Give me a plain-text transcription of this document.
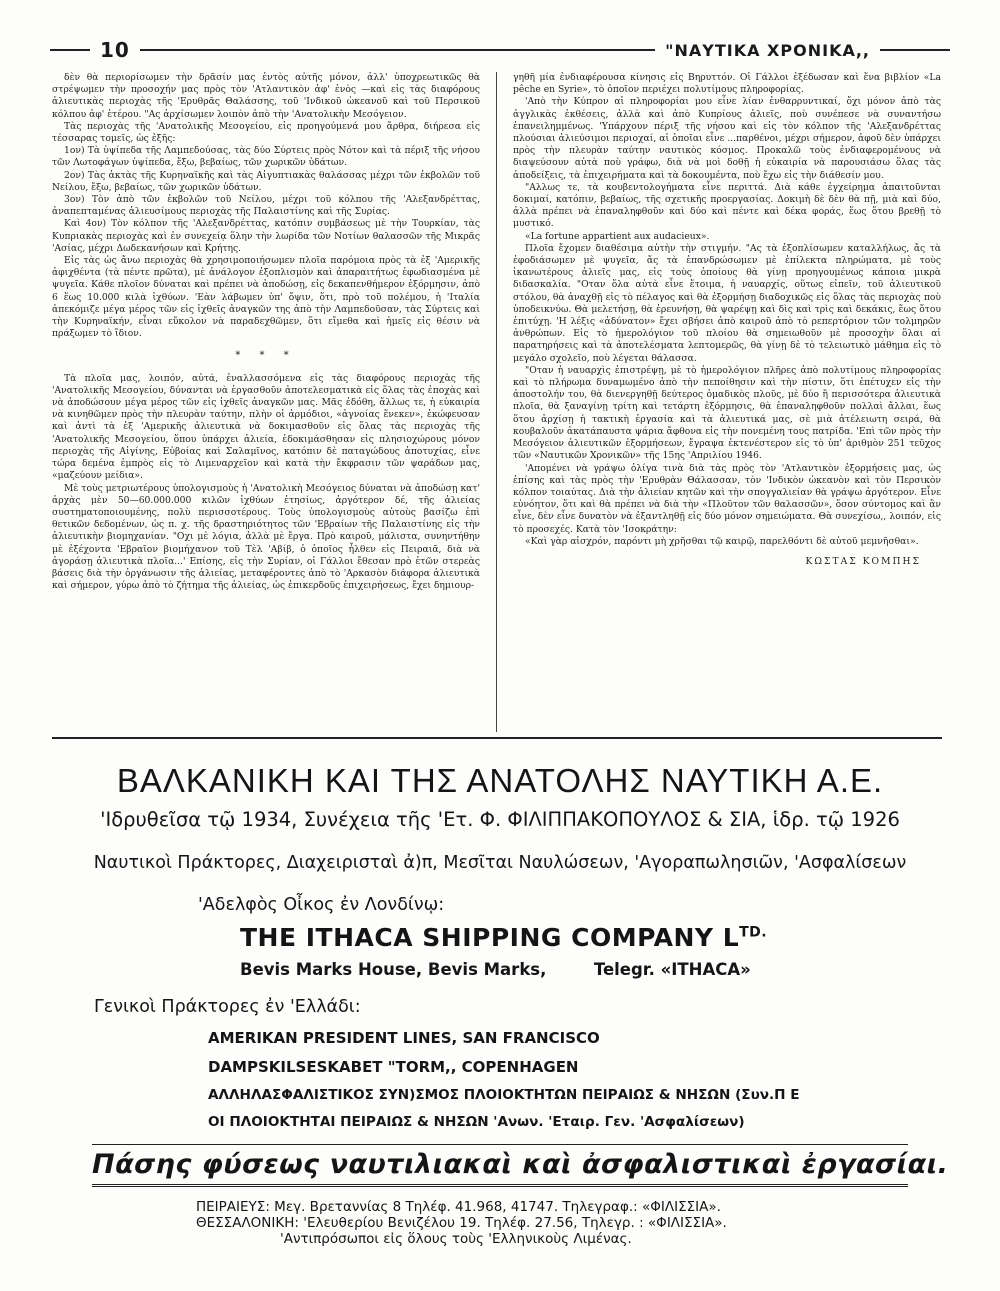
10	"ΝΑΥΤΙΚΑ ΧΡΟΝΙΚΑ,,

δὲν θὰ περιορίσωμεν τὴν δρᾶσίν μας ἐντὸς αὐτῆς μόνον, ἀλλ' ὑποχρεωτικῶς θὰ στρέψωμεν τὴν προσοχήν μας πρὸς τὸν 'Ατλαντικὸν ἀφ' ἑνὸς —καὶ εἰς τὰς διαφόρους ἁλιευτικὰς περιοχὰς τῆς 'Ερυθρᾶς Θαλάσσης, τοῦ 'Ινδικοῦ ὠκεανοῦ καὶ τοῦ Περσικοῦ κόλπου ἀφ' ἑτέρου. "Ας ἀρχίσωμεν λοιπὸν ἀπὸ τὴν 'Ανατολικὴν Μεσόγειον.

Τὰς περιοχὰς τῆς 'Ανατολικῆς Μεσογείου, εἰς προηγούμενά μου ἄρθρα, διήρεσα εἰς τέσσαρας τομεῖς, ὡς ἑξῆς:

1ον) Τὰ ὑψίπεδα τῆς Λαμπεδούσας, τὰς δύο Σύρτεις πρὸς Νότον καὶ τὰ πέριξ τῆς νήσου τῶν Λωτοφάγων ὑψίπεδα, ἔξω, βεβαίως, τῶν χωρικῶν ὑδάτων.

2ον) Τὰς ἀκτὰς τῆς Κυρηναϊκῆς καὶ τὰς Αἰγυπτιακὰς θαλάσσας μέχρι τῶν ἐκβολῶν τοῦ Νείλου, ἔξω, βεβαίως, τῶν χωρικῶν ὑδάτων.

3ον) Τὸν ἀπὸ τῶν ἐκβολῶν τοῦ Νείλου, μέχρι τοῦ κόλπου τῆς 'Αλεξανδρέττας, ἀναπεπταμένας ἁλιευσίμους περιοχὰς τῆς Παλαιστίνης καὶ τῆς Συρίας.

Καὶ 4ον) Τὸν κόλπον τῆς 'Αλεξανδρέττας, κατόπιν συμβάσεως μὲ τὴν Τουρκίαν, τὰς Κυπριακὰς περιοχὰς καὶ ἐν συνεχείᾳ ὅλην τὴν λωρίδα τῶν Νοτίων θαλασσῶν τῆς Μικρᾶς 'Ασίας, μέχρι Δωδεκανήσων καὶ Κρήτης.

Εἰς τὰς ὡς ἄνω περιοχὰς θὰ χρησιμοποιήσωμεν πλοῖα παρόμοια πρὸς τὰ ἐξ 'Αμερικῆς ἀφιχθέντα (τὰ πέντε πρῶτα), μὲ ἀνάλογον ἐξοπλισμὸν καὶ ἀπαραιτήτως ἐφωδιασμένα μὲ ψυγεῖα. Κάθε πλοῖον δύναται καὶ πρέπει νὰ ἀποδώσῃ, εἰς δεκαπενθήμερον ἐξόρμησιν, ἀπὸ 6 ἕως 10.000 κιλὰ ἰχθύων. 'Εὰν λάβωμεν ὑπ' ὄψιν, ὅτι, πρὸ τοῦ πολέμου, ἡ 'Ιταλία ἀπεκόμιζε μέγα μέρος τῶν εἰς ἰχθεῖς ἀναγκῶν της ἀπὸ τὴν Λαμπεδοῦσαν, τὰς Σύρτεις καὶ τὴν Κυρηναϊκήν, εἶναι εὔκολον νὰ παραδεχθῶμεν, ὅτι εἴμεθα καὶ ἡμεῖς εἰς θέσιν νὰ πράξωμεν τὸ ἴδιον.

* * *

Τὰ πλοῖα μας, λοιπόν, αὐτά, ἐναλλασσόμενα εἰς τὰς διαφόρους περιοχὰς τῆς 'Ανατολικῆς Μεσογείου, δύνανται νὰ ἐργασθοῦν ἀποτελεσματικὰ εἰς ὅλας τὰς ἐποχὰς καὶ νὰ ἀποδώσουν μέγα μέρος τῶν εἰς ἰχθεῖς ἀναγκῶν μας. Μᾶς ἐδόθη, ἄλλως τε, ἡ εὐκαιρία νὰ κινηθῶμεν πρὸς τὴν πλευρὰν ταύτην, πλὴν οἱ ἁρμόδιοι, «ἀγνοίας ἕνεκεν», ἐκώφευσαν καὶ ἀντὶ τὰ ἐξ 'Αμερικῆς ἁλιευτικὰ νὰ δοκιμασθοῦν εἰς ὅλας τὰς περιοχὰς τῆς 'Ανατολικῆς Μεσογείου, ὅπου ὑπάρχει ἁλιεία, ἐδοκιμάσθησαν εἰς πλησιοχώρους μόνον περιοχὰς τῆς Αἰγίνης, Εὐβοίας καὶ Σαλαμῖνος, κατόπιν δὲ παταγώδους ἀποτυχίας, εἶνε τώρα δεμένα ἐμπρὸς εἰς τὸ Λιμεναρχεῖον καὶ κατὰ τὴν ἔκφρασιν τῶν ψαράδων μας, «μαζεύουν μείδια».

Μὲ τοὺς μετριωτέρους ὑπολογισμοὺς ἡ 'Ανατολικὴ Μεσόγειος δύναται νὰ ἀποδώσῃ κατ' ἀρχὰς μὲν 50—60.000.000 κιλῶν ἰχθύων ἐτησίως, ἀργότερον δέ, τῆς ἁλιείας συστηματοποιουμένης, πολὺ περισσοτέρους. Τοὺς ὑπολογισμοὺς αὐτοὺς βασίζω ἐπὶ θετικῶν δεδομένων, ὡς π. χ. τῆς δραστηριότητος τῶν 'Εβραίων τῆς Παλαιστίνης εἰς τὴν ἁλιευτικὴν βιομηχανίαν. "Οχι μὲ λόγια, ἀλλὰ μὲ ἔργα. Πρὸ καιροῦ, μάλιστα, συνηντήθην μὲ ἐξέχοντα 'Εβραῖον βιομήχανον τοῦ Τὲλ 'Αβίβ, ὁ ὁποῖος ἦλθεν εἰς Πειραιᾶ, διὰ νὰ ἀγοράσῃ ἁλιευτικὰ πλοῖα...' Επίσης, εἰς τὴν Συρίαν, οἱ Γάλλοι ἔθεσαν πρὸ ἐτῶν στερεὰς βάσεις διὰ τὴν ὀργάνωσιν τῆς ἁλιείας, μεταφέροντες ἀπὸ τὸ 'Αρκασὸν διάφορα ἁλιευτικὰ καὶ σήμερον, γύρω ἀπὸ τὸ ζήτημα τῆς ἁλιείας, ὡς ἐπικερδοῦς ἐπιχειρήσεως, ἔχει δημιουρ-

γηθῆ μία ἐνδιαφέρουσα κίνησις εἰς Βηρυττόν. Οἱ Γάλλοι ἐξέδωσαν καὶ ἕνα βιβλίον «La pêche en Syrie», τὸ ὁποῖον περιέχει πολυτίμους πληροφορίας.

'Απὸ τὴν Κύπρον αἱ πληροφορίαι μου εἶνε λίαν ἐνθαρρυντικαί, ὄχι μόνον ἀπὸ τὰς ἀγγλικὰς ἐκθέσεις, ἀλλὰ καὶ ἀπὸ Κυπρίους ἁλιεῖς, ποὺ συνέπεσε νὰ συναντήσω ἐπανειλημμένως. 'Υπάρχουν πέριξ τῆς νήσου καὶ εἰς τὸν κόλπον τῆς 'Αλεξανδρέττας πλούσιαι ἁλιεύσιμοι περιοχαί, αἱ ὁποῖαι εἶνε ...παρθένοι, μέχρι σήμερον, ἀφοῦ δὲν ὑπάρχει πρὸς τὴν πλευρὰν ταύτην ναυτικὸς κόσμος. Προκαλῶ τοὺς ἐνδιαφερομένους νὰ διαψεύσουν αὐτὰ ποὺ γράφω, διὰ νὰ μοὶ δοθῇ ἡ εὐκαιρία νὰ παρουσιάσω ὅλας τὰς ἀποδείξεις, τὰ ἐπιχειρήματα καὶ τὰ δοκουμέντα, ποὺ ἔχω εἰς τὴν διάθεσίν μου.

"Αλλως τε, τὰ κουβεντολογήματα εἶνε περιττά. Διὰ κάθε ἐγχείρημα ἀπαιτοῦνται δοκιμαί, κατόπιν, βεβαίως, τῆς σχετικῆς προεργασίας. Δοκιμὴ δὲ δὲν θὰ πῇ, μιὰ καὶ δύο, ἀλλὰ πρέπει νὰ ἐπαναληφθοῦν καὶ δύο καὶ πέντε καὶ δέκα φοράς, ἕως ὅτου βρεθῇ τὸ μυστικό.

«La fortune appartient aux audacieux».

Πλοῖα ἔχομεν διαθέσιμα αὐτὴν τὴν στιγμήν. "Ας τὰ ἐξοπλίσωμεν καταλλήλως, ἄς τὰ ἐφοδιάσωμεν μὲ ψυγεῖα, ἄς τὰ ἐπανδρώσωμεν μὲ ἐπίλεκτα πληρώματα, μὲ τοὺς ἱκανωτέρους ἁλιεῖς μας, εἰς τοὺς ὁποίους θὰ γίνῃ προηγουμένως κάποια μικρὰ διδασκαλία. "Οταν ὅλα αὐτὰ εἶνε ἕτοιμα, ἡ ναυαρχίς, οὕτως εἰπεῖν, τοῦ ἁλιευτικοῦ στόλου, θὰ ἀναχθῇ εἰς τὸ πέλαγος καὶ θὰ ἐξορμήσῃ διαδοχικῶς εἰς ὅλας τὰς περιοχὰς ποὺ ὑποδεικνύω. Θὰ μελετήσῃ, θὰ ἐρευνήσῃ, θὰ ψαρέψῃ καὶ δὶς καὶ τρὶς καὶ δεκάκις, ἕως ὅτου ἐπιτύχῃ. 'Η λέξις «ἀδύνατον» ἔχει σβήσει ἀπὸ καιροῦ ἀπὸ τὸ ρεπερτόριον τῶν τολμηρῶν ἀνθρώπων. Εἰς τὸ ἡμερολόγιον τοῦ πλοίου θὰ σημειωθοῦν μὲ προσοχὴν ὅλαι αἱ παρατηρήσεις καὶ τὰ ἀποτελέσματα λεπτομερῶς, θὰ γίνῃ δὲ τὸ τελειωτικὸ μάθημα εἰς τὸ μεγάλο σχολεῖο, ποὺ λέγεται θάλασσα.

"Οταν ἡ ναυαρχὶς ἐπιστρέψῃ, μὲ τὸ ἡμερολόγιον πλῆρες ἀπὸ πολυτίμους πληροφορίας καὶ τὸ πλήρωμα δυναμωμένο ἀπὸ τὴν πεποίθησιν καὶ τὴν πίστιν, ὅτι ἐπέτυχεν εἰς τὴν ἀποστολήν του, θὰ διενεργηθῇ δεύτερος ὁμαδικὸς πλοῦς, μὲ δύο ἢ περισσότερα ἁλιευτικὰ πλοῖα, θὰ ξαναγίνῃ τρίτη καὶ τετάρτη ἐξόρμησις, θὰ ἐπαναληφθοῦν πολλαὶ ἄλλαι, ἕως ὅτου ἀρχίσῃ ἡ τακτικὴ ἐργασία καὶ τὰ ἁλιευτικά μας, σὲ μιὰ ἀτέλειωτη σειρά, θὰ κουβαλοῦν ἀκατάπαυστα ψάρια ἄφθονα εἰς τὴν πονεμένη τους πατρίδα. 'Επὶ τῶν πρὸς τὴν Μεσόγειον ἁλιευτικῶν ἐξορμήσεων, ἔγραψα ἐκτενέστερον εἰς τὸ ὑπ' ἀριθμὸν 251 τεῦχος τῶν «Ναυτικῶν Χρονικῶν» τῆς 15ης 'Απριλίου 1946.

'Απομένει νὰ γράψω ὀλίγα τινὰ διὰ τὰς πρὸς τὸν 'Ατλαντικὸν ἐξορμήσεις μας, ὡς ἐπίσης καὶ τὰς πρὸς τὴν 'Ερυθρὰν Θάλασσαν, τὸν 'Ινδικὸν ὠκεανὸν καὶ τὸν Περσικὸν κόλπον τοιαύτας. Διὰ τὴν ἁλιείαν κητῶν καὶ τὴν σπογγαλιείαν θὰ γράψω ἀργότερον. Εἶνε εὐνόητον, ὅτι καὶ θὰ πρέπει νὰ διὰ τὴν «Πλοῦτον τῶν θαλασσῶν», ὅσον σύντομος καὶ ἂν εἶνε, δὲν εἶνε δυνατὸν νὰ ἐξαντληθῇ εἰς δύο μόνον σημειώματα. Θὰ συνεχίσω,, λοιπόν, εἰς τὸ προσεχές. Κατὰ τὸν 'Ισοκράτην:

«Καὶ γὰρ αἰσχρόν, παρόντι μὴ χρῆσθαι τῷ καιρῷ, παρελθόντι δὲ αὐτοῦ μεμνῆσθαι».

ΚΩΣΤΑΣ ΚΟΜΠΗΣ
ΒΑΛΚΑΝΙΚΗ ΚΑΙ ΤΗΣ ΑΝΑΤΟΛΗΣ ΝΑΥΤΙΚΗ Α.Ε.
'Ιδρυθεῖσα τῷ 1934, Συνέχεια τῆς 'Ετ. Φ. ΦΙΛΙΠΠΑΚΟΠΟΥΛΟΣ & ΣΙΑ, ἱδρ. τῷ 1926
Ναυτικοὶ Πράκτορες, Διαχειρισταὶ ἀ)π, Μεσῖται Ναυλώσεων, 'Αγοραπωλησιῶν, 'Ασφαλίσεων
'Αδελφὸς Οἶκος ἐν Λονδίνῳ:
THE ITHACA SHIPPING COMPANY $L^{TD.}$
Bevis Marks House, Bevis Marks,	Telegr. «ITHACA»
Γενικοὶ Πράκτορες ἐν 'Ελλάδι:
AMERIKAN PRESIDENT LINES, SAN FRANCISCO
DAMPSKILSESKABET "TORM,, COPENHAGEN
ΑΛΛΗΛΑΣΦΑΛΙΣΤΙΚΟΣ ΣΥΝ)ΣΜΟΣ ΠΛΟΙΟΚΤΗΤΩΝ ΠΕΙΡΑΙΩΣ & ΝΗΣΩΝ (Συν.Π Ε
ΟΙ ΠΛΟΙΟΚΤΗΤΑΙ ΠΕΙΡΑΙΩΣ & ΝΗΣΩΝ 'Ανων. 'Εταιρ. Γεν. 'Ασφαλίσεων)
Πάσης φύσεως ναυτιλιακαὶ καὶ ἀσφαλιστικαὶ ἐργασίαι.
ΠΕΙΡΑΙΕΥΣ: Μεγ. Βρεταννίας 8 Τηλέφ. 41.968, 41747. Τηλεγραφ.: «ΦΙΛΙΣΣΙΑ».
ΘΕΣΣΑΛΟΝΙΚΗ: 'Ελευθερίου Βενιζέλου 19. Τηλέφ. 27.56, Τηλεγρ. : «ΦΙΛΙΣΣΙΑ».
'Αντιπρόσωποι εἰς ὅλους τοὺς 'Ελληνικοὺς Λιμένας.
